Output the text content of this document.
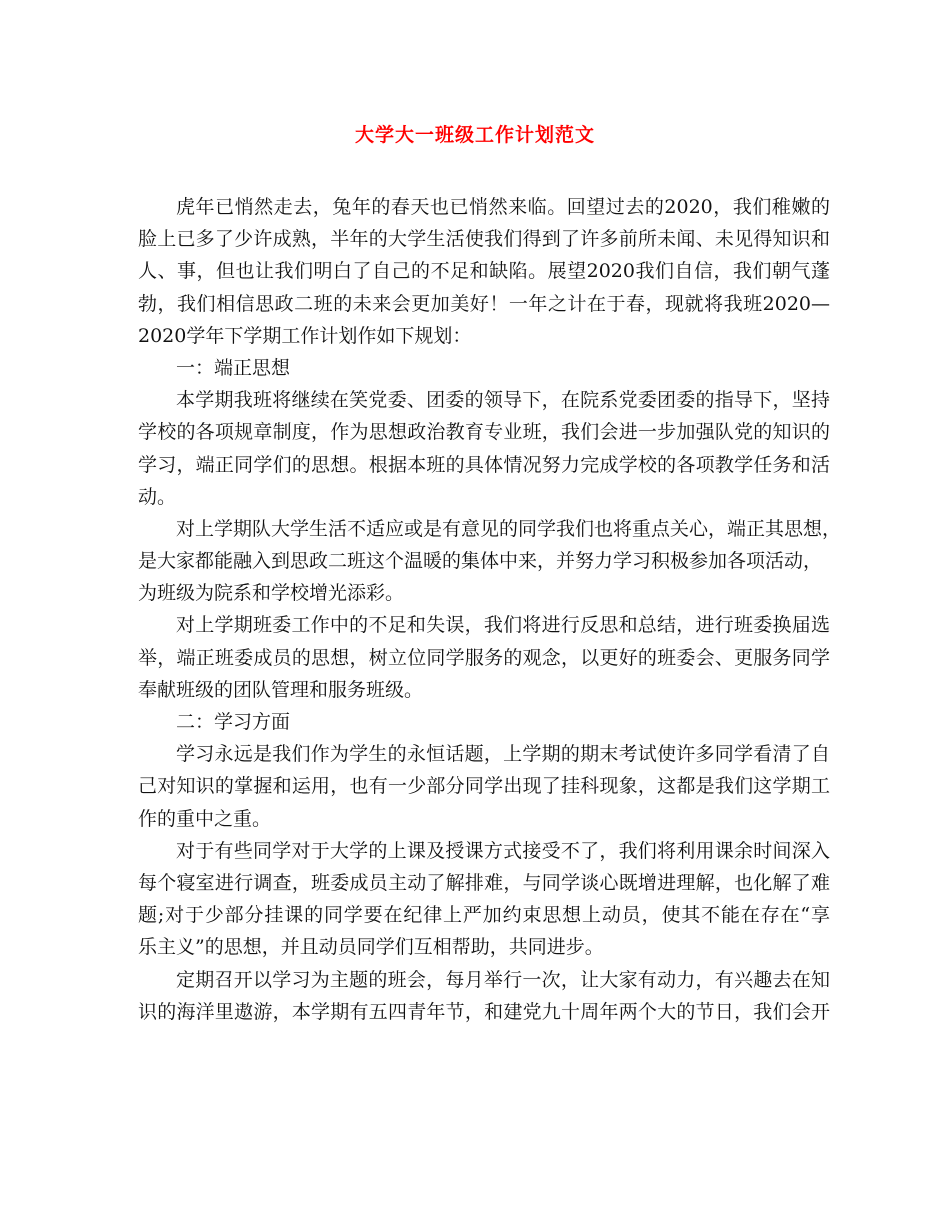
大学大一班级工作计划范文
虎年已悄然走去，兔年的春天也已悄然来临。回望过去的2020，我们稚嫩的
脸上已多了少许成熟，半年的大学生活使我们得到了许多前所未闻、未见得知识和
人、事，但也让我们明白了自己的不足和缺陷。展望2020我们自信，我们朝气蓬
勃，我们相信思政二班的未来会更加美好！一年之计在于春，现就将我班2020—
2020学年下学期工作计划作如下规划：
一：端正思想
本学期我班将继续在笑党委、团委的领导下，在院系党委团委的指导下，坚持
学校的各项规章制度，作为思想政治教育专业班，我们会进一步加强队党的知识的
学习，端正同学们的思想。根据本班的具体情况努力完成学校的各项教学任务和活
动。
对上学期队大学生活不适应或是有意见的同学我们也将重点关心，端正其思想，
是大家都能融入到思政二班这个温暖的集体中来，并努力学习积极参加各项活动，
为班级为院系和学校增光添彩。
对上学期班委工作中的不足和失误，我们将进行反思和总结，进行班委换届选
举，端正班委成员的思想，树立位同学服务的观念，以更好的班委会、更服务同学
奉献班级的团队管理和服务班级。
二：学习方面
学习永远是我们作为学生的永恒话题，上学期的期末考试使许多同学看清了自
己对知识的掌握和运用，也有一少部分同学出现了挂科现象，这都是我们这学期工
作的重中之重。
对于有些同学对于大学的上课及授课方式接受不了，我们将利用课余时间深入
每个寝室进行调查，班委成员主动了解排难，与同学谈心既增进理解，也化解了难
题;对于少部分挂课的同学要在纪律上严加约束思想上动员，使其不能在存在“享
乐主义”的思想，并且动员同学们互相帮助，共同进步。
定期召开以学习为主题的班会，每月举行一次，让大家有动力，有兴趣去在知
识的海洋里遨游，本学期有五四青年节，和建党九十周年两个大的节日，我们会开
